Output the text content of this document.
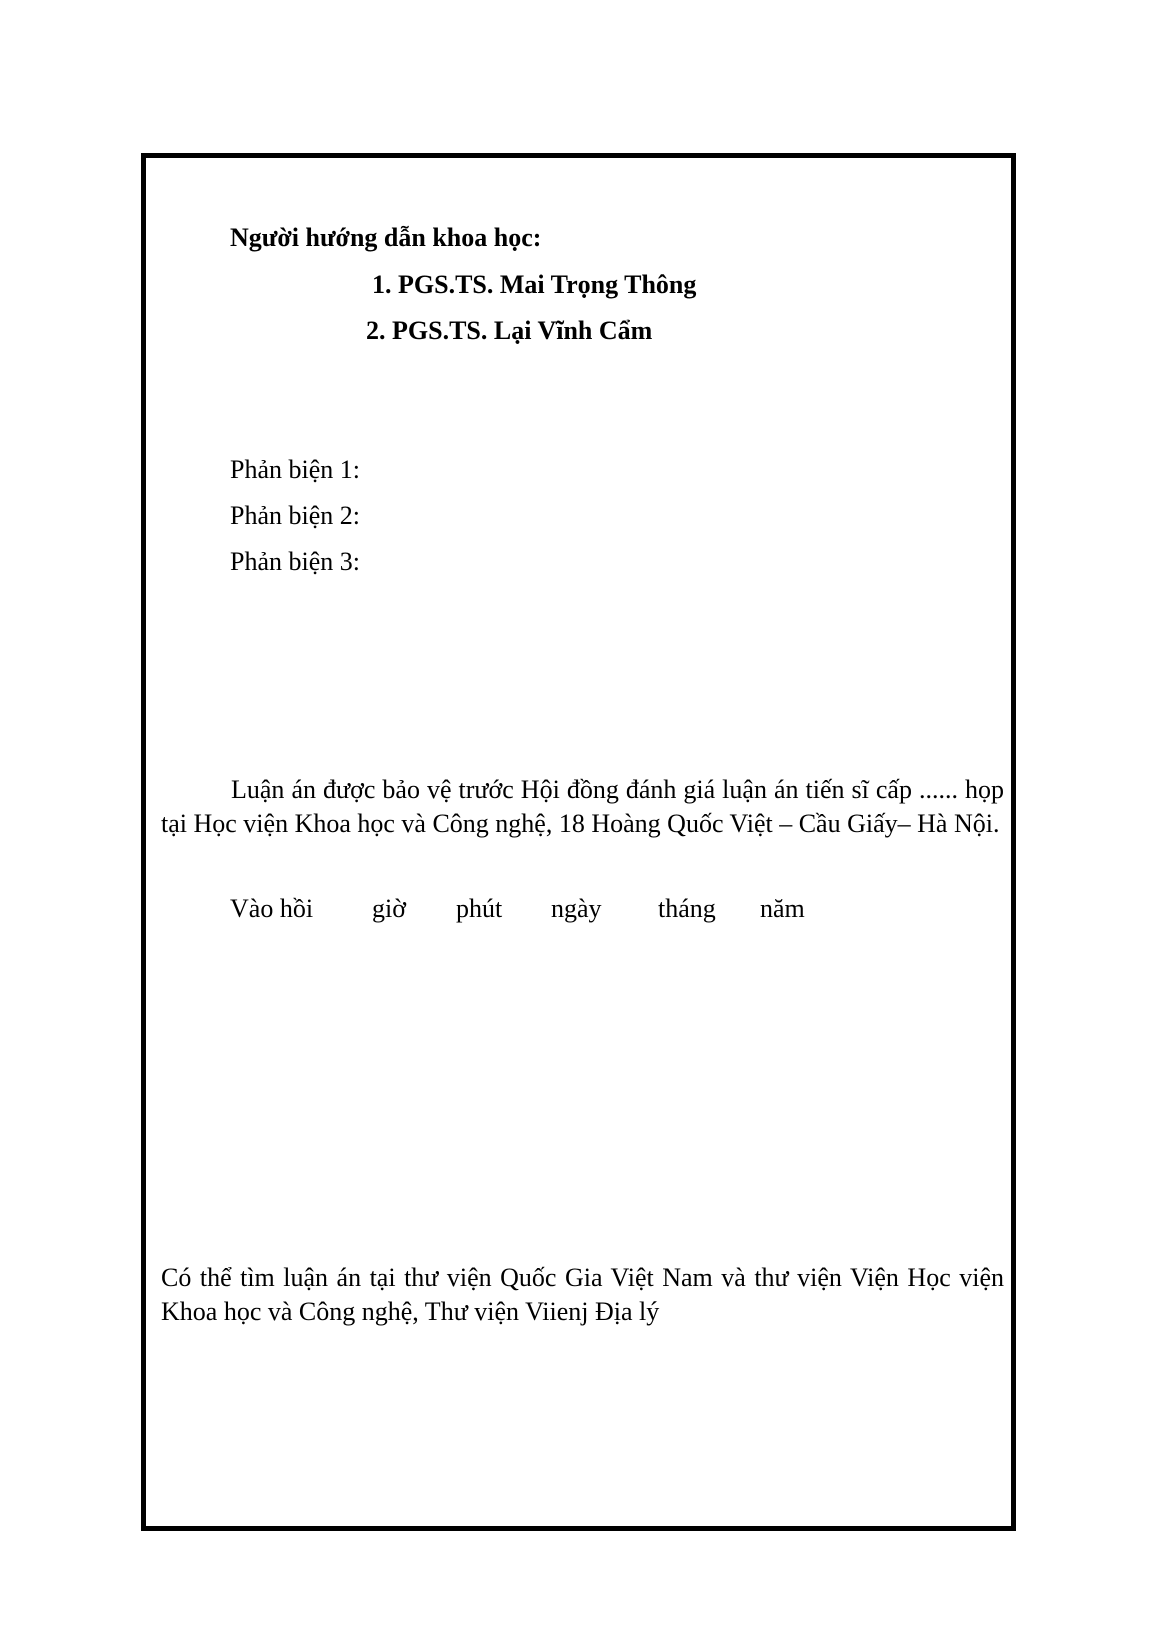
Người hướng dẫn khoa học:
1. PGS.TS. Mai Trọng Thông
2. PGS.TS. Lại Vĩnh Cẩm
Phản biện 1:
Phản biện 2:
Phản biện 3:
Luận án được bảo vệ trước Hội đồng đánh giá luận án tiến sĩ cấp ...... họp tại Học viện Khoa học và Công nghệ, 18 Hoàng Quốc Việt – Cầu Giấy– Hà Nội.
Vào hồi giờ phút ngày tháng năm
Có thể tìm luận án tại thư viện Quốc Gia Việt Nam và thư viện Viện Học viện Khoa học và Công nghệ, Thư viện Viienj Địa lý
